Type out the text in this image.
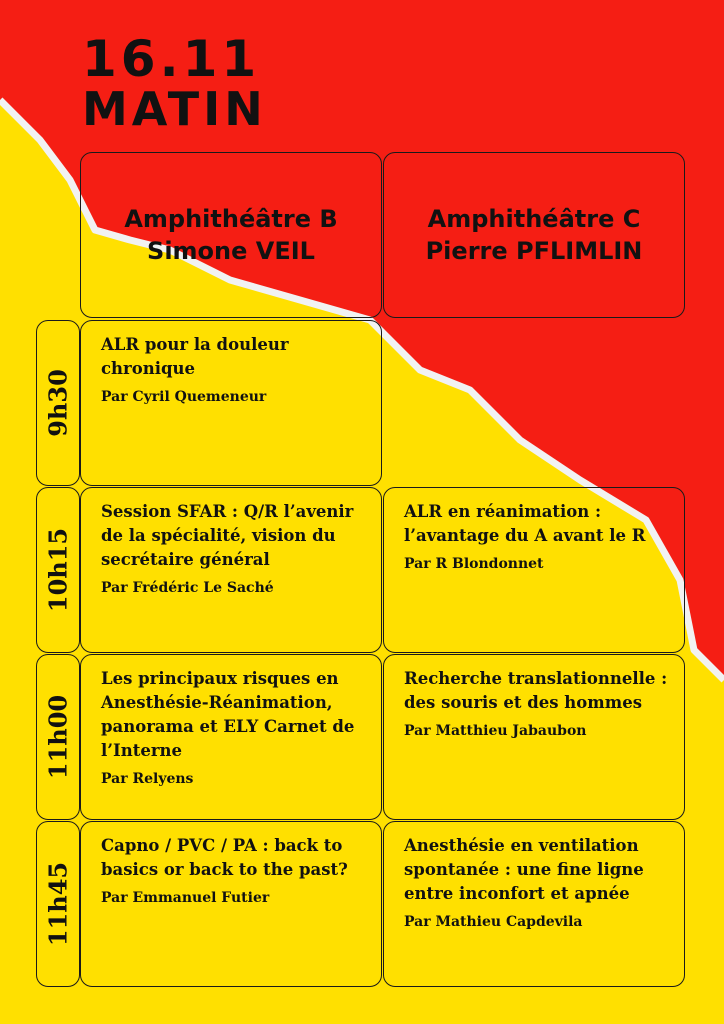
16.11
MATIN
Amphithéâtre B
Simone VEIL
Amphithéâtre C
Pierre PFLIMLIN
9h30
10h15
11h00
11h45

ALR pour la douleur chronique

Par Cyril Quemeneur

Session SFAR : Q/R l’avenir de la spécialité, vision du secrétaire général

Par Frédéric Le Saché

ALR en réanimation : l’avantage du A avant le R

Par R Blondonnet

Les principaux risques en Anesthésie-Réanimation, panorama et ELY Carnet de l’Interne

Par Relyens

Recherche translationnelle : des souris et des hommes

Par Matthieu Jabaubon

Capno / PVC / PA : back to basics or back to the past?

Par Emmanuel Futier

Anesthésie en ventilation spontanée : une fine ligne entre inconfort et apnée

Par Mathieu Capdevila
